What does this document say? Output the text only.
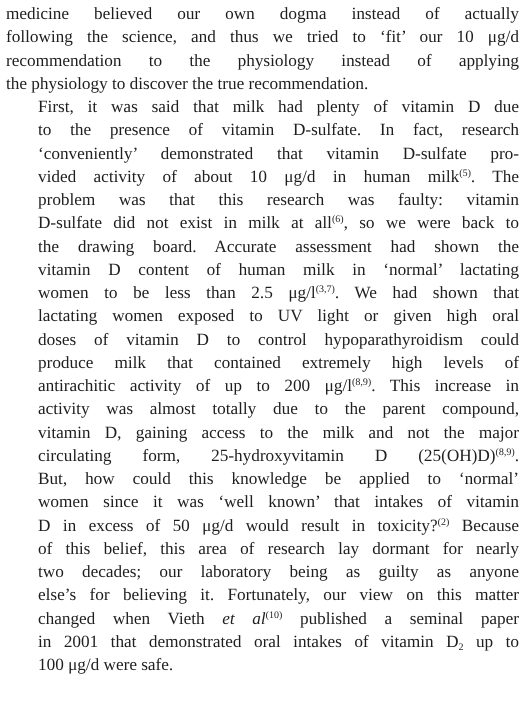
medicine believed our own dogma instead of actually
following the science, and thus we tried to ‘fit’ our 10 μg/d
recommendation to the physiology instead of applying
the physiology to discover the true recommendation.

First, it was said that milk had plenty of vitamin D due
to the presence of vitamin D-sulfate. In fact, research
‘conveniently’ demonstrated that vitamin D-sulfate pro-
vided activity of about 10 μg/d in human milk$^{(5)}$. The
problem was that this research was faulty: vitamin
D-sulfate did not exist in milk at all$^{(6)}$, so we were back to
the drawing board. Accurate assessment had shown the
vitamin D content of human milk in ‘normal’ lactating
women to be less than 2.5 $\mu g/l^{(3,7)}$. We had shown that
lactating women exposed to UV light or given high oral
doses of vitamin D to control hypoparathyroidism could
produce milk that contained extremely high levels of
antirachitic activity of up to 200 $\mu g/l^{(8,9)}$. This increase in
activity was almost totally due to the parent compound,
vitamin D, gaining access to the milk and not the major
circulating form, 25-hydroxyvitamin D $(25(OH)D)^{(8,9)}$.
But, how could this knowledge be applied to ‘normal’
women since it was ‘well known’ that intakes of vitamin
D in excess of 50 μg/d would result in toxicity?$^{(2)}$ Because
of this belief, this area of research lay dormant for nearly
two decades; our laboratory being as guilty as anyone
else’s for believing it. Fortunately, our view on this matter
changed when Vieth et $al^{(10)}$ published a seminal paper
in 2001 that demonstrated oral intakes of vitamin $D_2$ up to
100 μg/d were safe.
